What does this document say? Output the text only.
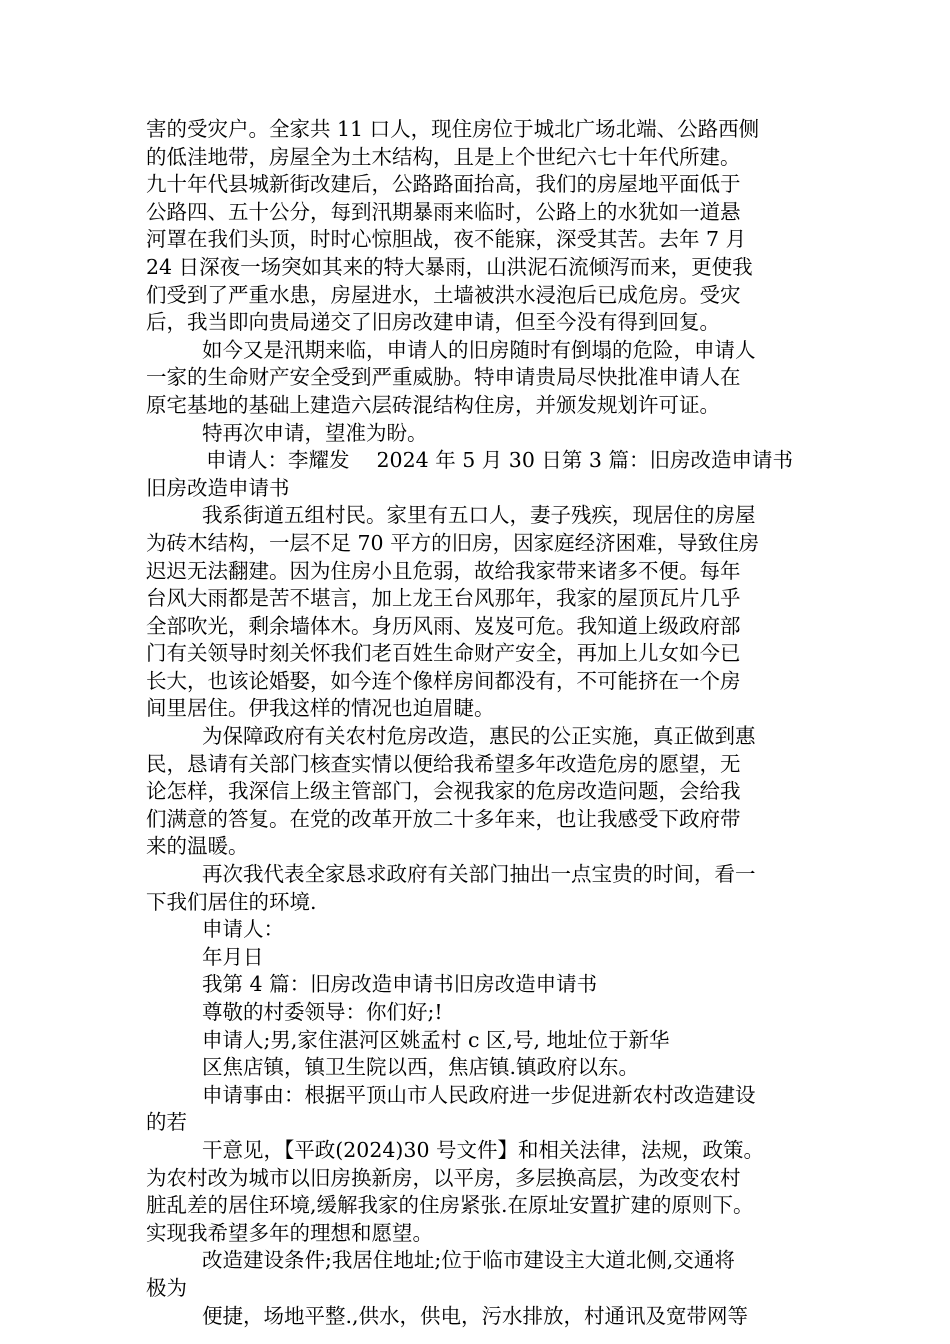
害的受灾户。全家共 11 口人，现住房位于城北广场北端、公路西侧
的低洼地带，房屋全为土木结构，且是上个世纪六七十年代所建。
九十年代县城新街改建后，公路路面抬高，我们的房屋地平面低于
公路四、五十公分，每到汛期暴雨来临时，公路上的水犹如一道悬
河罩在我们头顶，时时心惊胆战，夜不能寐，深受其苦。去年 7 月
24 日深夜一场突如其来的特大暴雨，山洪泥石流倾泻而来，更使我
们受到了严重水患，房屋进水，土墙被洪水浸泡后已成危房。受灾
后，我当即向贵局递交了旧房改建申请，但至今没有得到回复。
如今又是汛期来临，申请人的旧房随时有倒塌的危险，申请人
一家的生命财产安全受到严重威胁。特申请贵局尽快批准申请人在
原宅基地的基础上建造六层砖混结构住房，并颁发规划许可证。
特再次申请，望准为盼。
申请人：李耀发　 2024 年 5 月 30 日第 3 篇：旧房改造申请书
旧房改造申请书
我系街道五组村民。家里有五口人，妻子残疾，现居住的房屋
为砖木结构，一层不足 70 平方的旧房，因家庭经济困难，导致住房
迟迟无法翻建。因为住房小且危弱，故给我家带来诸多不便。每年
台风大雨都是苦不堪言，加上龙王台风那年，我家的屋顶瓦片几乎
全部吹光，剩余墙体木。身历风雨、岌岌可危。我知道上级政府部
门有关领导时刻关怀我们老百姓生命财产安全，再加上儿女如今已
长大，也该论婚娶，如今连个像样房间都没有，不可能挤在一个房
间里居住。伊我这样的情况也迫眉睫。
为保障政府有关农村危房改造，惠民的公正实施，真正做到惠
民，恳请有关部门核查实情以便给我希望多年改造危房的愿望，无
论怎样，我深信上级主管部门，会视我家的危房改造问题，会给我
们满意的答复。在党的改革开放二十多年来，也让我感受下政府带
来的温暖。
再次我代表全家恳求政府有关部门抽出一点宝贵的时间，看一
下我们居住的环境.
申请人：
年月日
我第 4 篇：旧房改造申请书旧房改造申请书
尊敬的村委领导：你们好;!
申请人;男,家住湛河区姚孟村 c 区,号, 地址位于新华
区焦店镇，镇卫生院以西，焦店镇.镇政府以东。
申请事由：根据平顶山市人民政府进一步促进新农村改造建设
的若
干意见，【平政(2024)30 号文件】和相关法律，法规，政策。
为农村改为城市以旧房换新房，以平房，多层换高层，为改变农村
脏乱差的居住环境,缓解我家的住房紧张.在原址安置扩建的原则下。
实现我希望多年的理想和愿望。
改造建设条件;我居住地址;位于临市建设主大道北侧,交通将
极为
便捷，场地平整.,供水，供电，污水排放，村通讯及宽带网等
